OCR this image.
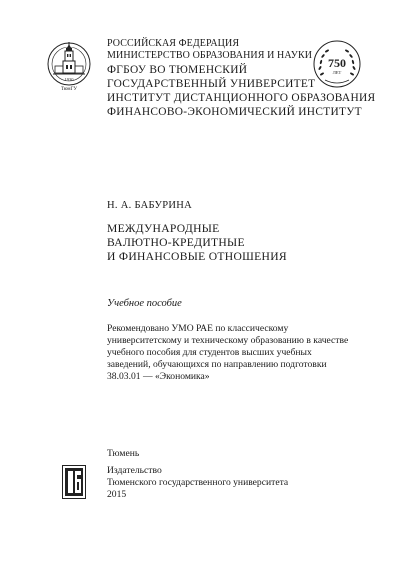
1930
ТюмГУ
750
ЛЕТ
РОССИЙСКАЯ ФЕДЕРАЦИЯ
МИНИСТЕРСТВО ОБРАЗОВАНИЯ И НАУКИ
ФГБОУ ВО ТЮМЕНСКИЙ
ГОСУДАРСТВЕННЫЙ УНИВЕРСИТЕТ
ИНСТИТУТ ДИСТАНЦИОННОГО ОБРАЗОВАНИЯ
ФИНАНСОВО-ЭКОНОМИЧЕСКИЙ ИНСТИТУТ
Н. А. БАБУРИНА
МЕЖДУНАРОДНЫЕ
ВАЛЮТНО-КРЕДИТНЫЕ
И ФИНАНСОВЫЕ ОТНОШЕНИЯ
Учебное пособие
Рекомендовано УМО РАЕ по классическому
университетскому и техническому образованию в качестве
учебного пособия для студентов высших учебных
заведений, обучающихся по направлению подготовки
38.03.01 — «Экономика»
Тюмень
Издательство
Тюменского государственного университета
2015
